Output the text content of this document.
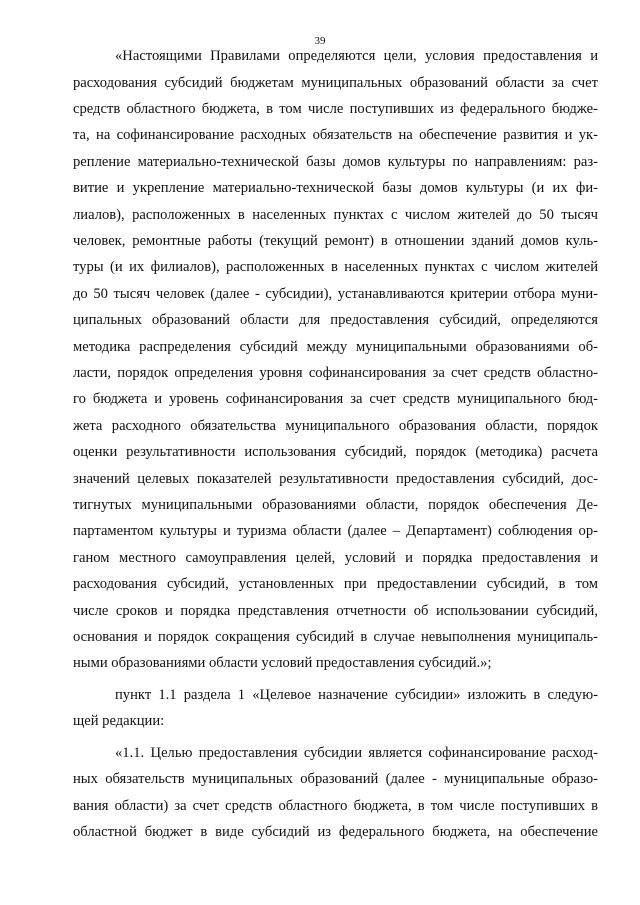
39
«Настоящими Правилами определяются цели, условия предоставления и
расходования субсидий бюджетам муниципальных образований области за счет
средств областного бюджета, в том числе поступивших из федерального бюдже-
та, на софинансирование расходных обязательств на обеспечение развития и ук-
репление материально-технической базы домов культуры по направлениям: раз-
витие и укрепление материально-технической базы домов культуры (и их фи-
лиалов), расположенных в населенных пунктах с числом жителей до 50 тысяч
человек, ремонтные работы (текущий ремонт) в отношении зданий домов куль-
туры (и их филиалов), расположенных в населенных пунктах с числом жителей
до 50 тысяч человек (далее - субсидии), устанавливаются критерии отбора муни-
ципальных образований области для предоставления субсидий, определяются
методика распределения субсидий между муниципальными образованиями об-
ласти, порядок определения уровня софинансирования за счет средств областно-
го бюджета и уровень софинансирования за счет средств муниципального бюд-
жета расходного обязательства муниципального образования области, порядок
оценки результативности использования субсидий, порядок (методика) расчета
значений целевых показателей результативности предоставления субсидий, дос-
тигнутых муниципальными образованиями области, порядок обеспечения Де-
партаментом культуры и туризма области (далее – Департамент) соблюдения ор-
ганом местного самоуправления целей, условий и порядка предоставления и
расходования субсидий, установленных при предоставлении субсидий, в том
числе сроков и порядка представления отчетности об использовании субсидий,
основания и порядок сокращения субсидий в случае невыполнения муниципаль-
ными образованиями области условий предоставления субсидий.»;
пункт 1.1 раздела 1 «Целевое назначение субсидии» изложить в следую-
щей редакции:
«1.1. Целью предоставления субсидии является софинансирование расход-
ных обязательств муниципальных образований (далее - муниципальные образо-
вания области) за счет средств областного бюджета, в том числе поступивших в
областной бюджет в виде субсидий из федерального бюджета, на обеспечение
